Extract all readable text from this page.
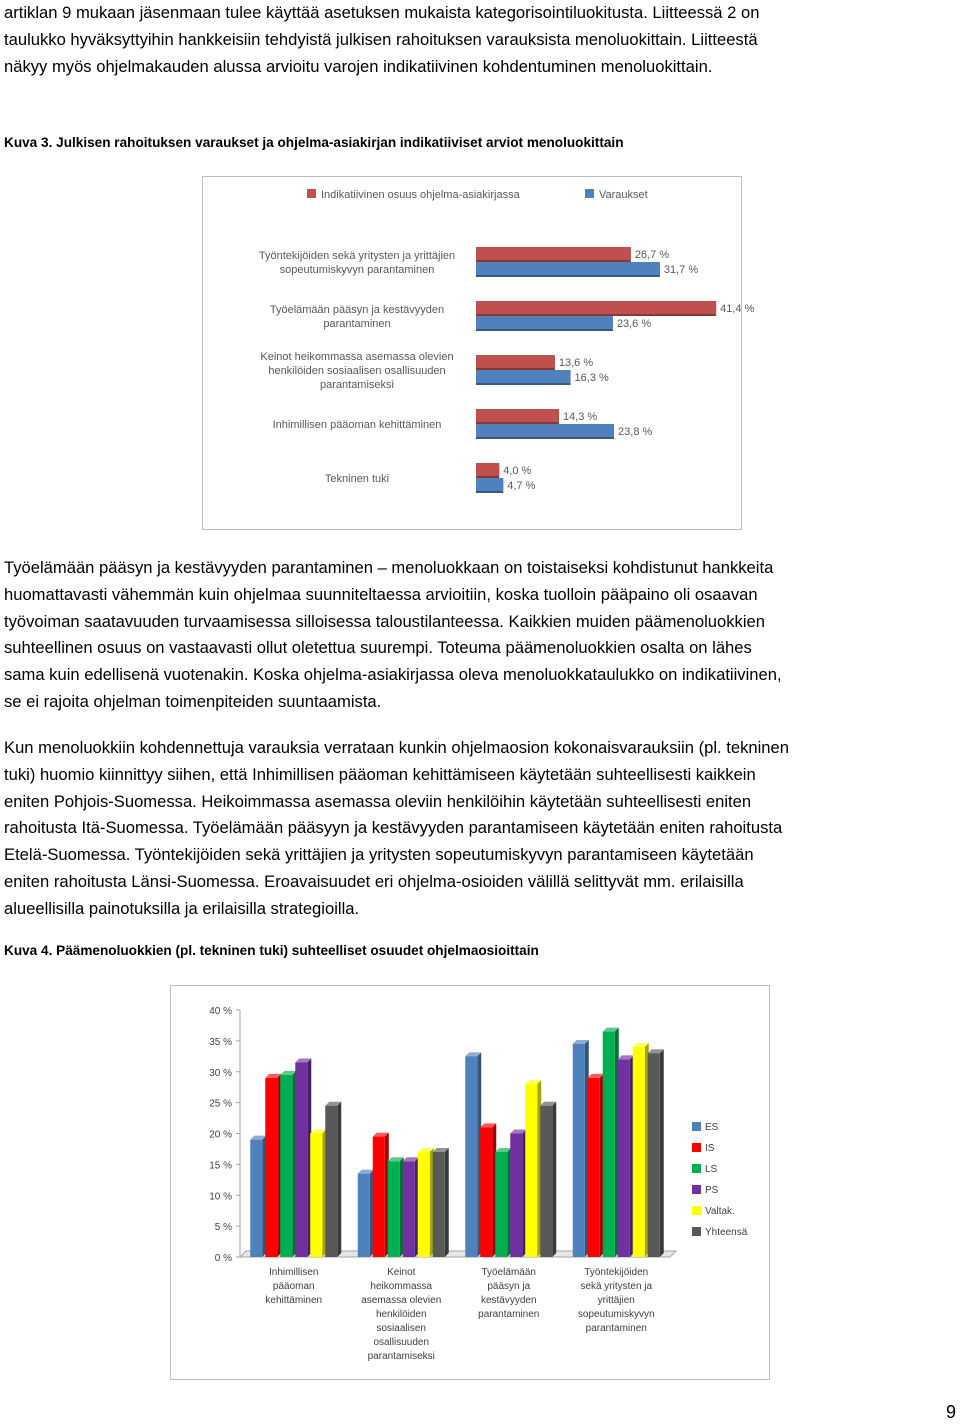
artiklan 9 mukaan jäsenmaan tulee käyttää asetuksen mukaista kategorisointiluokitusta. Liitteessä 2 on
taulukko hyväksyttyihin hankkeisiin tehdyistä julkisen rahoituksen varauksista menoluokittain. Liitteestä
näkyy myös ohjelmakauden alussa arvioitu varojen indikatiivinen kohdentuminen menoluokittain.

Kuva 3. Julkisen rahoituksen varaukset ja ohjelma-asiakirjan indikatiiviset arviot menoluokittain
Indikatiivinen osuus ohjelma-asiakirjassa	Varaukset
Työntekijöiden sekä yritysten ja yrittäjien
sopeutumiskyvyn parantaminen
26,7 %
31,7 %
Työelämään pääsyn ja kestävyyden
parantaminen
41,4 %
23,6 %
Keinot heikommassa asemassa olevien
henkilöiden sosiaalisen osallisuuden
parantamiseksi
13,6 %
16,3 %
Inhimillisen pääoman kehittäminen
14,3 %
23,8 %
Tekninen tuki
4,0 %
4,7 %

Työelämään pääsyn ja kestävyyden parantaminen – menoluokkaan on toistaiseksi kohdistunut hankkeita
huomattavasti vähemmän kuin ohjelmaa suunniteltaessa arvioitiin, koska tuolloin pääpaino oli osaavan
työvoiman saatavuuden turvaamisessa silloisessa taloustilanteessa. Kaikkien muiden päämenoluokkien
suhteellinen osuus on vastaavasti ollut oletettua suurempi. Toteuma päämenoluokkien osalta on lähes
sama kuin edellisenä vuotenakin. Koska ohjelma-asiakirjassa oleva menoluokkataulukko on indikatiivinen,
se ei rajoita ohjelman toimenpiteiden suuntaamista.

Kun menoluokkiin kohdennettuja varauksia verrataan kunkin ohjelmaosion kokonaisvarauksiin (pl. tekninen
tuki) huomio kiinnittyy siihen, että Inhimillisen pääoman kehittämiseen käytetään suhteellisesti kaikkein
eniten Pohjois-Suomessa. Heikoimmassa asemassa oleviin henkilöihin käytetään suhteellisesti eniten
rahoitusta Itä-Suomessa. Työelämään pääsyyn ja kestävyyden parantamiseen käytetään eniten rahoitusta
Etelä-Suomessa. Työntekijöiden sekä yrittäjien ja yritysten sopeutumiskyvyn parantamiseen käytetään
eniten rahoitusta Länsi-Suomessa. Eroavaisuudet eri ohjelma-osioiden välillä selittyvät mm. erilaisilla
alueellisilla painotuksilla ja erilaisilla strategioilla.

Kuva 4. Päämenoluokkien (pl. tekninen tuki) suhteelliset osuudet ohjelmaosioittain
0 %
5 %
10 %
15 %
20 %
25 %
30 %
35 %
40 %
Inhimillisen
pääoman
kehittäminen
Keinot
heikommassa
asemassa olevien
henkilöiden
sosiaalisen
osallisuuden
parantamiseksi
Työelämään
pääsyn ja
kestävyyden
parantaminen
Työntekijöiden
sekä yritysten ja
yrittäjien
sopeutumiskyvyn
parantaminen
ES
IS
LS
PS
Valtak.
Yhteensä
9
